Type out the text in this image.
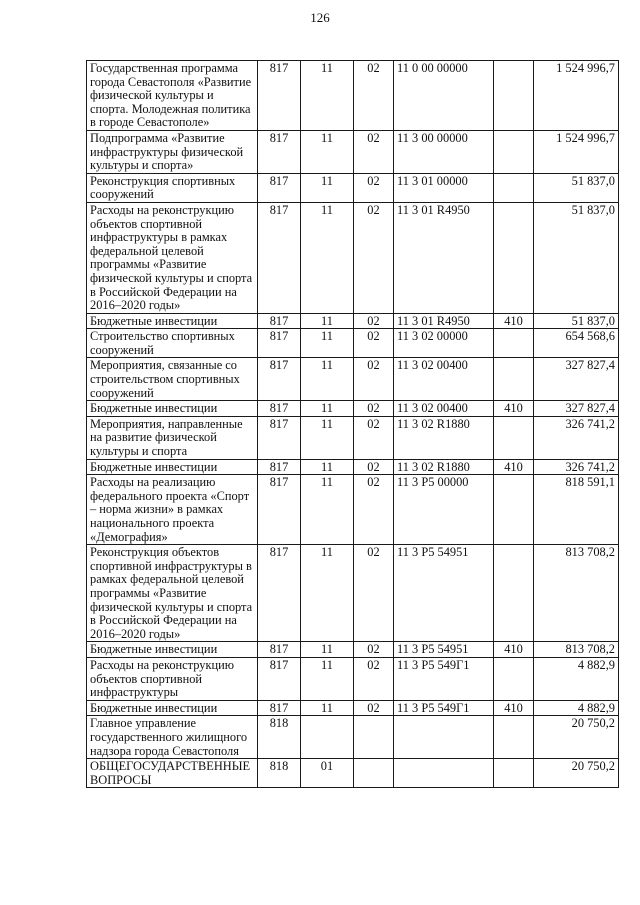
126
Государственная программа города Севастополя «Развитие физической культуры и спорта. Молодежная политика в городе Севастополе»	817	11	02	11 0 00 00000		1 524 996,7
Подпрограмма «Развитие инфраструктуры физической культуры и спорта»	817	11	02	11 3 00 00000		1 524 996,7
Реконструкция спортивных сооружений	817	11	02	11 3 01 00000		51 837,0
Расходы на реконструкцию объектов спортивной инфраструктуры в рамках федеральной целевой программы «Развитие физической культуры и спорта в Российской Федерации на 2016–2020 годы»	817	11	02	11 3 01 R4950		51 837,0
Бюджетные инвестиции	817	11	02	11 3 01 R4950	410	51 837,0
Строительство спортивных сооружений	817	11	02	11 3 02 00000		654 568,6
Мероприятия, связанные со строительством спортивных сооружений	817	11	02	11 3 02 00400		327 827,4
Бюджетные инвестиции	817	11	02	11 3 02 00400	410	327 827,4
Мероприятия, направленные на развитие физической культуры и спорта	817	11	02	11 3 02 R1880		326 741,2
Бюджетные инвестиции	817	11	02	11 3 02 R1880	410	326 741,2
Расходы на реализацию федерального проекта «Спорт – норма жизни» в рамках национального проекта «Демография»	817	11	02	11 3 P5 00000		818 591,1
Реконструкция объектов спортивной инфраструктуры в рамках федеральной целевой программы «Развитие физической культуры и спорта в Российской Федерации на 2016–2020 годы»	817	11	02	11 3 P5 54951		813 708,2
Бюджетные инвестиции	817	11	02	11 3 P5 54951	410	813 708,2
Расходы на реконструкцию объектов спортивной инфраструктуры	817	11	02	11 3 P5 549Г1		4 882,9
Бюджетные инвестиции	817	11	02	11 3 P5 549Г1	410	4 882,9
Главное управление государственного жилищного надзора города Севастополя	818					20 750,2
ОБЩЕГОСУДАРСТВЕННЫЕ ВОПРОСЫ	818	01				20 750,2
